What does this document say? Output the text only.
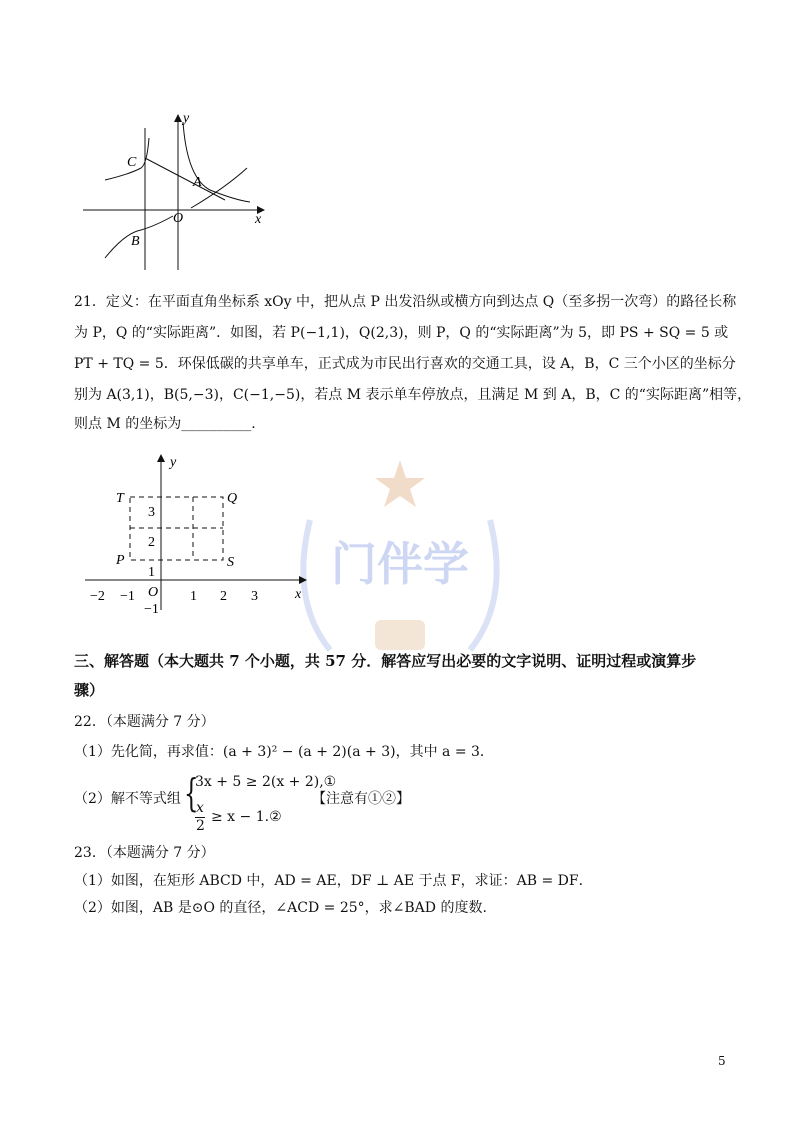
门伴学
y
x
O
A
B
C
21．定义：在平面直角坐标系 xOy 中，把从点 P 出发沿纵或横方向到达点 Q（至多拐一次弯）的路径长称
为 P，Q 的“实际距离”．如图，若 P(−1,1)，Q(2,3)，则 P，Q 的“实际距离”为 5，即 PS + SQ = 5 或
PT + TQ = 5．环保低碳的共享单车，正式成为市民出行喜欢的交通工具，设 A，B，C 三个小区的坐标分
别为 A(3,1)，B(5,−3)，C(−1,−5)，若点 M 表示单车停放点，且满足 M 到 A，B，C 的“实际距离”相等，
则点 M 的坐标为__________.
y
x
O
T	Q
P	S
−2 −1	1 2 3
3
2
1
−1
三、解答题（本大题共 7 个小题，共 57 分．解答应写出必要的文字说明、证明过程或演算步
骤）
22．（本题满分 7 分）
（1）先化简，再求值：(a + 3)² − (a + 2)(a + 3)，其中 a = 3．
（2）解不等式组 {
3x + 5 ≥ 2(x + 2),①
x
2
≥ x − 1.②
【注意有①②】
23．（本题满分 7 分）
（1）如图，在矩形 ABCD 中，AD = AE，DF ⊥ AE 于点 F，求证：AB = DF．
（2）如图，AB 是⊙O 的直径，∠ACD = 25°，求∠BAD 的度数.
5
